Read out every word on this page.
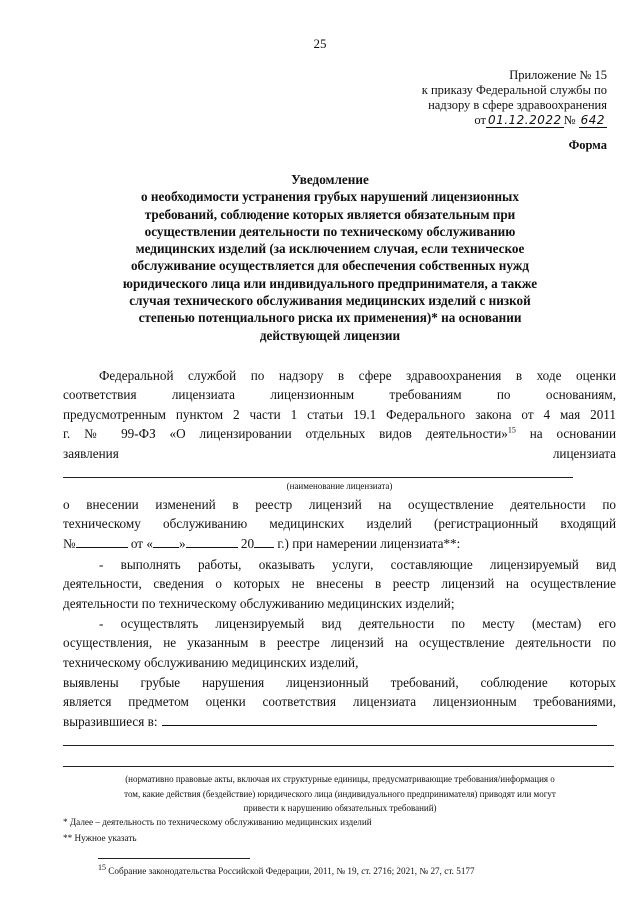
25
Приложение № 15
к приказу Федеральной службы по
надзору в сфере здравоохранения
от 01.12.2022 № 642
Форма
Уведомление
о необходимости устранения грубых нарушений лицензионных
требований, соблюдение которых является обязательным при
осуществлении деятельности по техническому обслуживанию
медицинских изделий (за исключением случая, если техническое
обслуживание осуществляется для обеспечения собственных нужд
юридического лица или индивидуального предпринимателя, а также
случая технического обслуживания медицинских изделий с низкой
степенью потенциального риска их применения)* на основании
действующей лицензии
Федеральной службой по надзору в сфере здравоохранения в ходе оценки
соответствия лицензиата лицензионным требованиям по основаниям,
предусмотренным пунктом 2 части 1 статьи 19.1 Федерального закона от 4 мая 2011
г. № 99-ФЗ «О лицензировании отдельных видов деятельности»$^{15}$ на основании
заявления	лицензиата
(наименование лицензиата)
о внесении изменений в реестр лицензий на осуществление деятельности по
техническому обслуживанию медицинских изделий (регистрационный входящий
№	от « »	20 г.) при намерении лицензиата**:
- выполнять работы, оказывать услуги, составляющие лицензируемый вид
деятельности, сведения о которых не внесены в реестр лицензий на осуществление
деятельности по техническому обслуживанию медицинских изделий;
- осуществлять лицензируемый вид деятельности по месту (местам) его
осуществления, не указанным в реестре лицензий на осуществление деятельности по
техническому обслуживанию медицинских изделий,
выявлены грубые нарушения лицензионный требований, соблюдение которых
является предметом оценки соответствия лицензиата лицензионным требованиями,
выразившиеся в:
(нормативно правовые акты, включая их структурные единицы, предусматривающие требования/информация о
том, какие действия (бездействие) юридического лица (индивидуального предпринимателя) приводят или могут
привести к нарушению обязательных требований)
* Далее – деятельность по техническому обслуживанию медицинских изделий
** Нужное указать
$^{15}$ Собрание законодательства Российской Федерации, 2011, № 19, ст. 2716; 2021, № 27, ст. 5177
